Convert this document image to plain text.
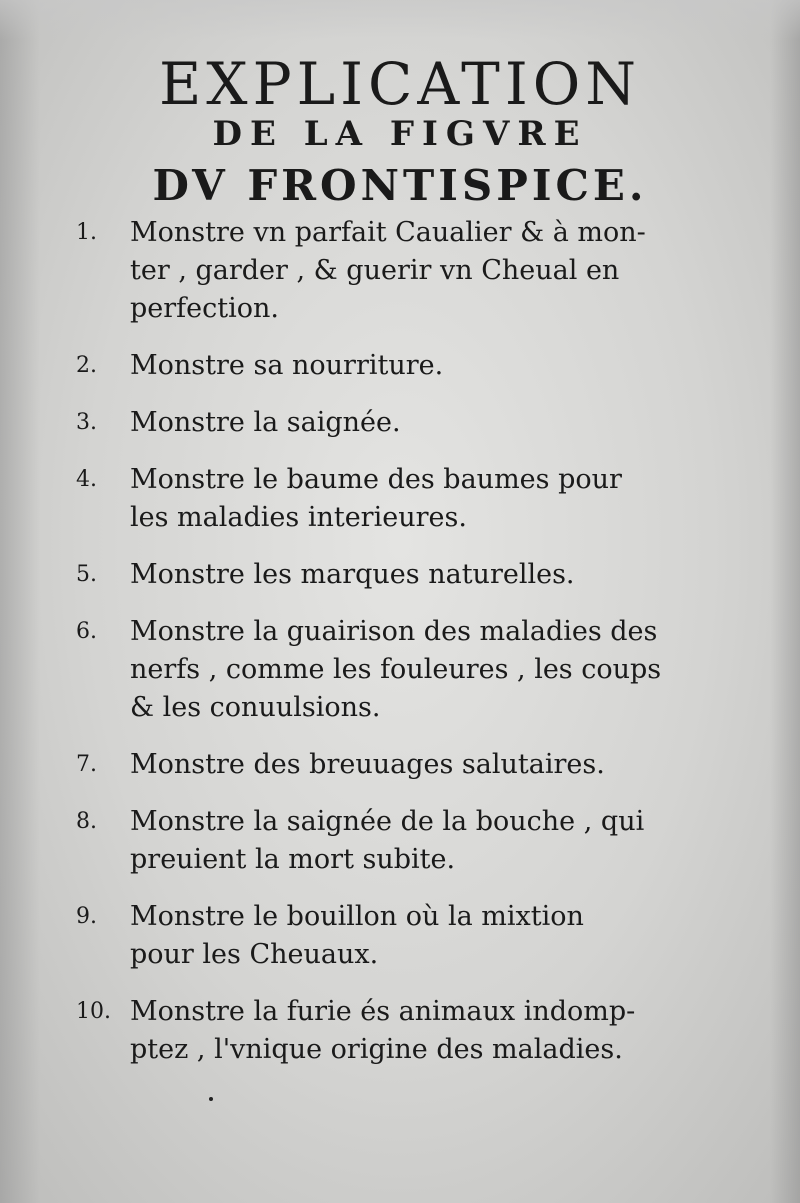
EXPLICATION
DE LA FIGVRE
DV FRONTISPICE.
1. Monstre vn parfait Caualier & à mon-
ter , garder , & guerir vn Cheual en
perfection.
2. Monstre sa nourriture.
3. Monstre la saignée.
4. Monstre le baume des baumes pour
les maladies interieures.
5. Monstre les marques naturelles.
6. Monstre la guairison des maladies des
nerfs , comme les fouleures , les coups
& les conuulsions.
7. Monstre des breuuages salutaires.
8. Monstre la saignée de la bouche , qui
preuient la mort subite.
9. Monstre le bouillon où la mixtion
pour les Cheuaux.
10. Monstre la furie és animaux indomp-
ptez , l'vnique origine des maladies.
